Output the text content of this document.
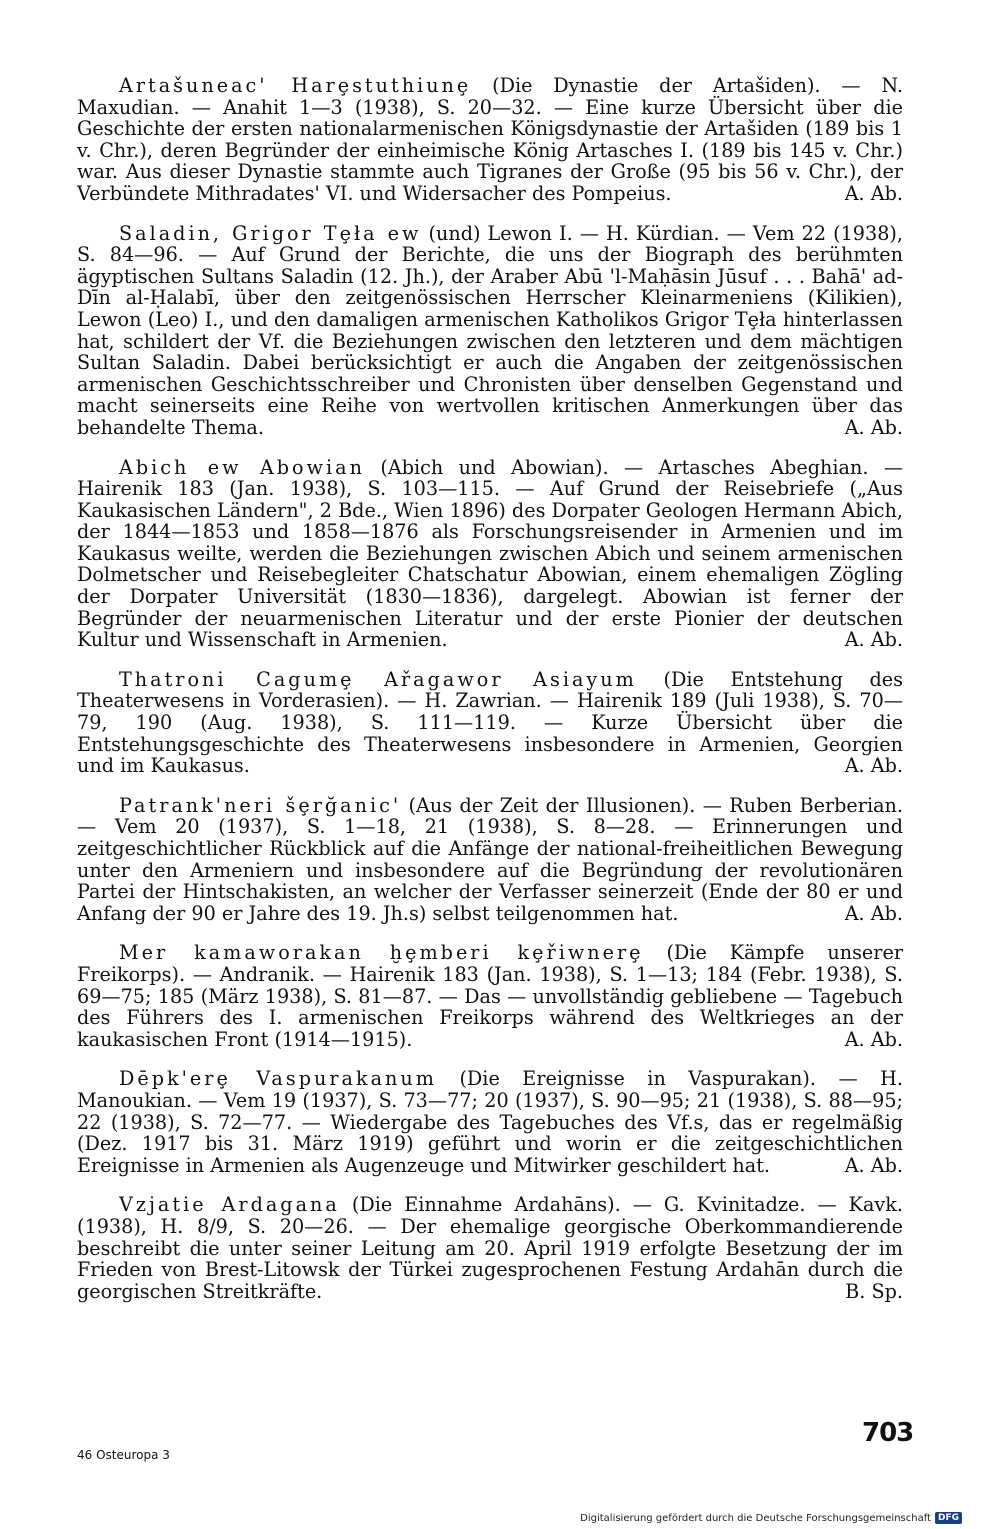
Artašuneac' Harȩstuthiunȩ (Die Dynastie der Artašiden). — N. Maxudian. — Anahit 1—3 (1938), S. 20—32. — Eine kurze Übersicht über die Geschichte der ersten nationalarmenischen Königsdynastie der Artašiden (189 bis 1 v. Chr.), deren Begründer der einheimische König Artasches I. (189 bis 145 v. Chr.) war. Aus dieser Dynastie stammte auch Tigranes der Große (95 bis 56 v. Chr.), der Verbündete Mithradates' VI. und Widersacher des Pompeius.	A. Ab.

Saladin, Grigor Tȩła ew (und) Lewon I. — H. Kürdian. — Vem 22 (1938), S. 84—96. — Auf Grund der Berichte, die uns der Biograph des berühmten ägyptischen Sultans Saladin (12. Jh.), der Araber Abū 'l-Maḥāsin Jūsuf . . . Bahā' ad-Dīn al-Ḥalabī, über den zeitgenössischen Herrscher Kleinarmeniens (Kilikien), Lewon (Leo) I., und den damaligen armenischen Katholikos Grigor Tȩła hinterlassen hat, schildert der Vf. die Beziehungen zwischen den letzteren und dem mächtigen Sultan Saladin. Dabei berücksichtigt er auch die Angaben der zeitgenössischen armenischen Geschichtsschreiber und Chronisten über denselben Gegenstand und macht seinerseits eine Reihe von wertvollen kritischen Anmerkungen über das behandelte Thema.	A. Ab.

Abich ew Abowian (Abich und Abowian). — Artasches Abeghian. — Hairenik 183 (Jan. 1938), S. 103—115. — Auf Grund der Reisebriefe („Aus Kaukasischen Ländern", 2 Bde., Wien 1896) des Dorpater Geologen Hermann Abich, der 1844—1853 und 1858—1876 als Forschungsreisender in Armenien und im Kaukasus weilte, werden die Beziehungen zwischen Abich und seinem armenischen Dolmetscher und Reisebegleiter Chatschatur Abowian, einem ehemaligen Zögling der Dorpater Universität (1830—1836), dargelegt. Abowian ist ferner der Begründer der neuarmenischen Literatur und der erste Pionier der deutschen Kultur und Wissenschaft in Armenien.	A. Ab.

Thatroni Cagumȩ Ařagawor Asiayum (Die Entstehung des Theaterwesens in Vorderasien). — H. Zawrian. — Hairenik 189 (Juli 1938), S. 70—79, 190 (Aug. 1938), S. 111—119. — Kurze Übersicht über die Entstehungsgeschichte des Theaterwesens insbesondere in Armenien, Georgien und im Kaukasus.	A. Ab.

Patrank'neri šȩrğanic' (Aus der Zeit der Illusionen). — Ruben Berberian. — Vem 20 (1937), S. 1—18, 21 (1938), S. 8—28. — Erinnerungen und zeitgeschichtlicher Rückblick auf die Anfänge der national-freiheitlichen Bewegung unter den Armeniern und insbesondere auf die Begründung der revolutionären Partei der Hintschakisten, an welcher der Verfasser seinerzeit (Ende der 80 er und Anfang der 90 er Jahre des 19. Jh.s) selbst teilgenommen hat.	A. Ab.

Mer kamaworakan ḫȩmberi kȩřiwnerȩ (Die Kämpfe unserer Freikorps). — Andranik. — Hairenik 183 (Jan. 1938), S. 1—13; 184 (Febr. 1938), S. 69—75; 185 (März 1938), S. 81—87. — Das — unvollständig gebliebene — Tagebuch des Führers des I. armenischen Freikorps während des Weltkrieges an der kaukasischen Front (1914—1915).	A. Ab.

Dēpk'erȩ Vaspurakanum (Die Ereignisse in Vaspurakan). — H. Manoukian. — Vem 19 (1937), S. 73—77; 20 (1937), S. 90—95; 21 (1938), S. 88—95; 22 (1938), S. 72—77. — Wiedergabe des Tagebuches des Vf.s, das er regelmäßig (Dez. 1917 bis 31. März 1919) geführt und worin er die zeitgeschichtlichen Ereignisse in Armenien als Augenzeuge und Mitwirker geschildert hat.	A. Ab.

Vzjatie Ardagana (Die Einnahme Ardahāns). — G. Kvinitadze. — Kavk. (1938), H. 8/9, S. 20—26. — Der ehemalige georgische Oberkommandierende beschreibt die unter seiner Leitung am 20. April 1919 erfolgte Besetzung der im Frieden von Brest-Litowsk der Türkei zugesprochenen Festung Ardahān durch die georgischen Streitkräfte.	B. Sp.

703
46 Osteuropa 3
Digitalisierung gefördert durch die Deutsche Forschungsgemeinschaft DFG
